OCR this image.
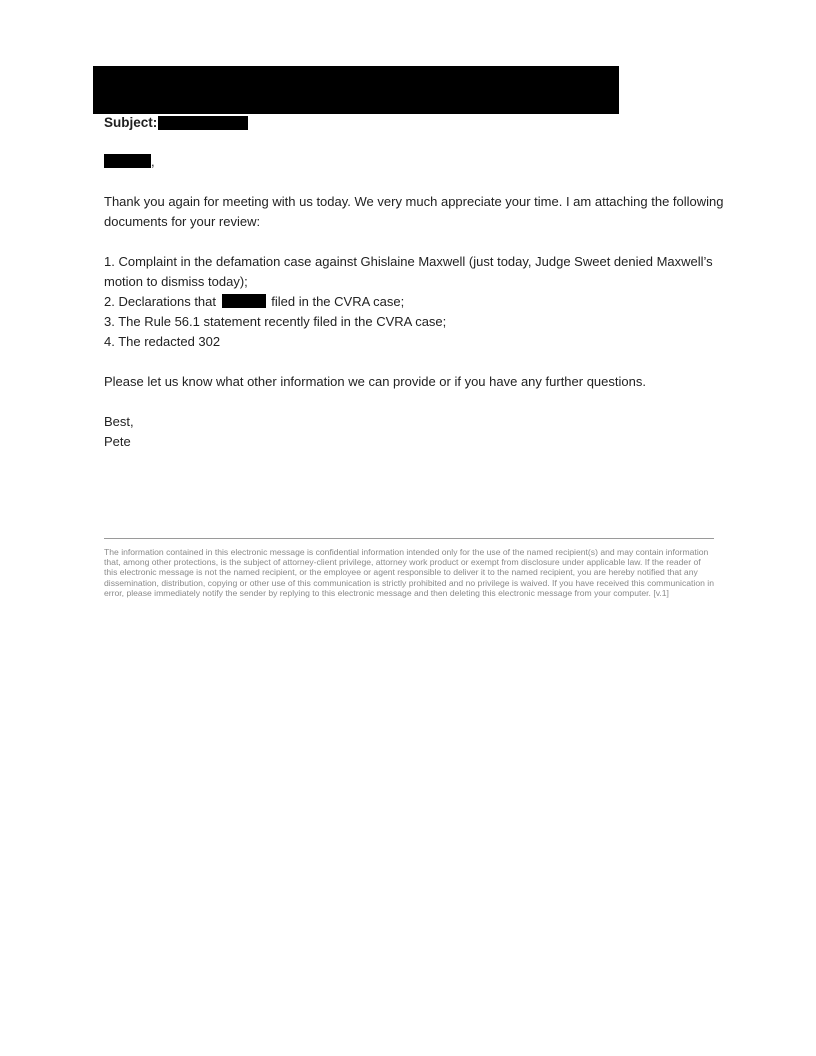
Subject:
,
Thank you again for meeting with us today. We very much appreciate your time. I am attaching the following documents for your review:
1. Complaint in the defamation case against Ghislaine Maxwell (just today, Judge Sweet denied Maxwell’s motion to dismiss today);
2. Declarations that	filed in the CVRA case;
3. The Rule 56.1 statement recently filed in the CVRA case;
4. The redacted 302
Please let us know what other information we can provide or if you have any further questions.
Best,
Pete
The information contained in this electronic message is confidential information intended only for the use of the named recipient(s) and may contain information that, among other protections, is the subject of attorney-client privilege, attorney work product or exempt from disclosure under applicable law. If the reader of this electronic message is not the named recipient, or the employee or agent responsible to deliver it to the named recipient, you are hereby notified that any dissemination, distribution, copying or other use of this communication is strictly prohibited and no privilege is waived. If you have received this communication in error, please immediately notify the sender by replying to this electronic message and then deleting this electronic message from your computer. [v.1]
